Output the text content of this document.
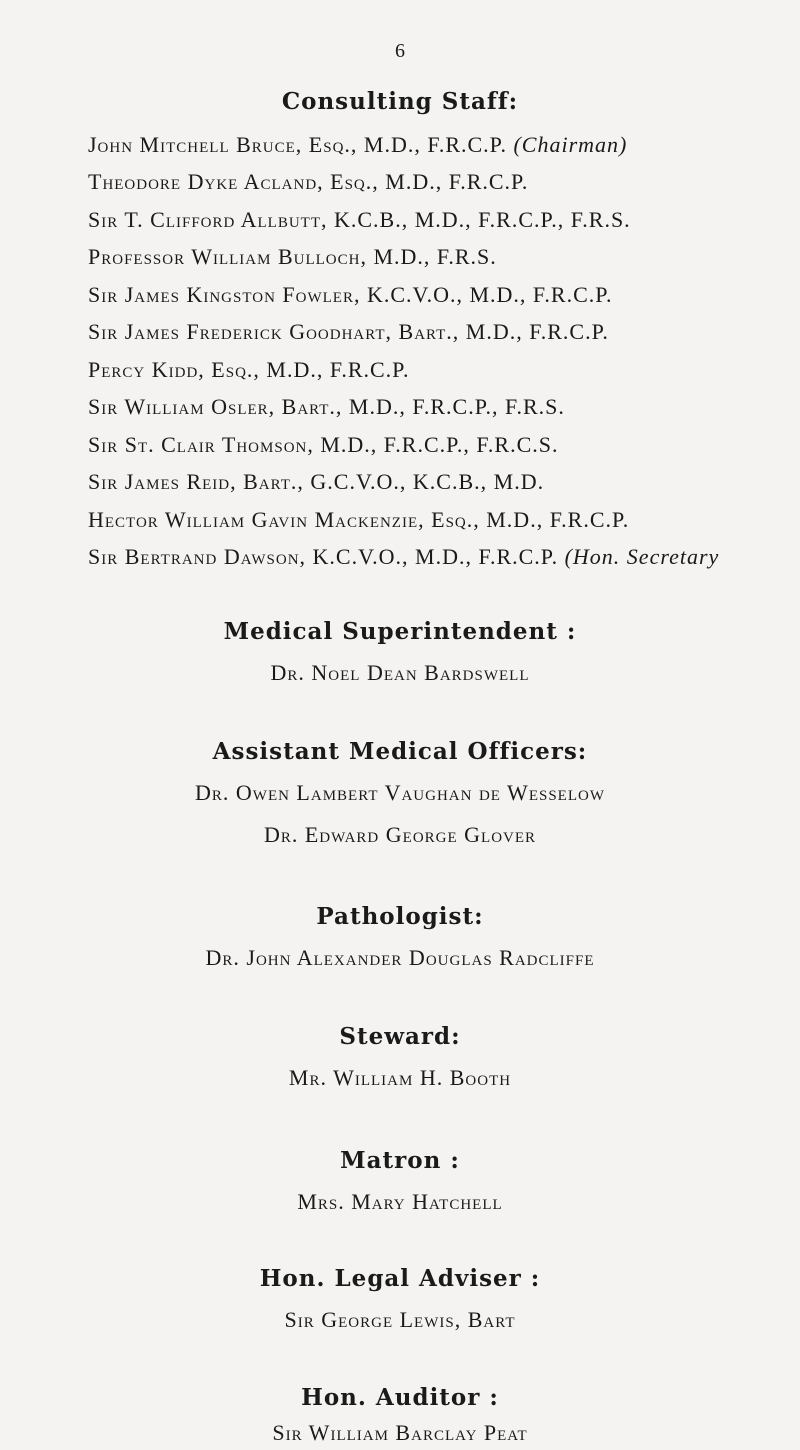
6
Consulting Staff:
John Mitchell Bruce, Esq., M.D., F.R.C.P. (Chairman)
Theodore Dyke Acland, Esq., M.D., F.R.C.P.
Sir T. Clifford Allbutt, K.C.B., M.D., F.R.C.P., F.R.S.
Professor William Bulloch, M.D., F.R.S.
Sir James Kingston Fowler, K.C.V.O., M.D., F.R.C.P.
Sir James Frederick Goodhart, Bart., M.D., F.R.C.P.
Percy Kidd, Esq., M.D., F.R.C.P.
Sir William Osler, Bart., M.D., F.R.C.P., F.R.S.
Sir St. Clair Thomson, M.D., F.R.C.P., F.R.C.S.
Sir James Reid, Bart., G.C.V.O., K.C.B., M.D.
Hector William Gavin Mackenzie, Esq., M.D., F.R.C.P.
Sir Bertrand Dawson, K.C.V.O., M.D., F.R.C.P. (Hon. Secretary
Medical Superintendent :
Dr. Noel Dean Bardswell
Assistant Medical Officers:
Dr. Owen Lambert Vaughan de Wesselow
Dr. Edward George Glover
Pathologist:
Dr. John Alexander Douglas Radcliffe
Steward:
Mr. William H. Booth
Matron :
Mrs. Mary Hatchell
Hon. Legal Adviser :
Sir George Lewis, Bart
Hon. Auditor :
Sir William Barclay Peat
